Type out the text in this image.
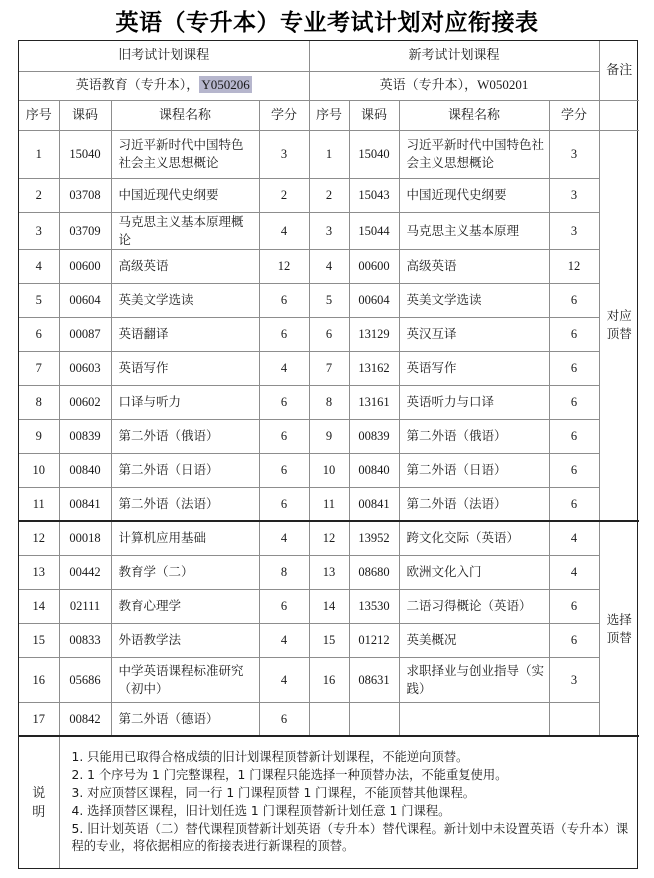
英语（专升本）专业考试计划对应衔接表
旧考试计划课程				新考试计划课程				备注
英语教育（专升本）， Y050206				英语（专升本），W050201				
序号	课码	课程名称	学分	序号	课码	课程名称	学分	
1	15040	习近平新时代中国特色社会主义思想概论	3	1	15040	习近平新时代中国特色社会主义思想概论	3	对应
顶替
2	03708	中国近现代史纲要	2	2	15043	中国近现代史纲要	3	
3	03709	马克思主义基本原理概论	4	3	15044	马克思主义基本原理	3	
4	00600	高级英语	12	4	00600	高级英语	12	
5	00604	英美文学选读	6	5	00604	英美文学选读	6	
6	00087	英语翻译	6	6	13129	英汉互译	6	
7	00603	英语写作	4	7	13162	英语写作	6	
8	00602	口译与听力	6	8	13161	英语听力与口译	6	
9	00839	第二外语（俄语）	6	9	00839	第二外语（俄语）	6	
10	00840	第二外语（日语）	6	10	00840	第二外语（日语）	6	
11	00841	第二外语（法语）	6	11	00841	第二外语（法语）	6	
12	00018	计算机应用基础	4	12	13952	跨文化交际（英语）	4	选择
顶替
13	00442	教育学（二）	8	13	08680	欧洲文化入门	4	
14	02111	教育心理学	6	14	13530	二语习得概论（英语）	6	
15	00833	外语教学法	4	15	01212	英美概况	6	
16	05686	中学英语课程标准研究（初中）	4	16	08631	求职择业与创业指导（实践）	3	
17	00842	第二外语（德语）	6					
说
明	

1. 只能用已取得合格成绩的旧计划课程顶替新计划课程，不能逆向顶替。

2. 1 个序号为 1 门完整课程，1 门课程只能选择一种顶替办法，不能重复使用。

3. 对应顶替区课程，同一行 1 门课程顶替 1 门课程，不能顶替其他课程。

4. 选择顶替区课程，旧计划任选 1 门课程顶替新计划任意 1 门课程。

5. 旧计划英语（二）替代课程顶替新计划英语（专升本）替代课程。新计划中未设置英语（专升本）课程的专业，将依据相应的衔接表进行新课程的顶替。
